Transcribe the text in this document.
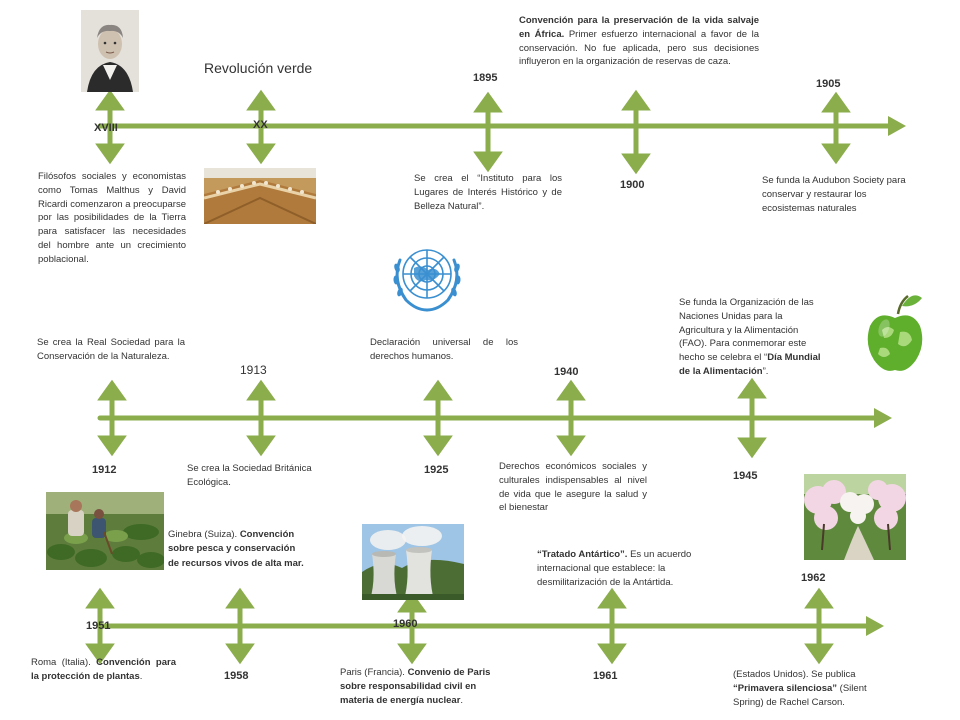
Revolución verde
XVIII	XX
1895
1900
1905
Filósofos sociales y economistas como Tomas Malthus y David Ricardi comenzaron a preocuparse por las posibilidades de la Tierra para satisfacer las necesidades del hombre ante un crecimiento poblacional.
Convención para la preservación de la vida salvaje en África. Primer esfuerzo internacional a favor de la conservación. No fue aplicada, pero sus decisiones influyeron en la organización de reservas de caza.
Se crea el “Instituto para los Lugares de Interés Histórico y de Belleza Natural”.
Se funda la Audubon Society para conservar y restaurar los ecosistemas naturales
Se crea la Real Sociedad para la Conservación de la Naturaleza.
1913
Declaración universal de los derechos humanos.
1940
Se funda la Organización de las Naciones Unidas para la Agricultura y la Alimentación (FAO). Para conmemorar este hecho se celebra el “Día Mundial de la Alimentación”.
1912	Se crea la Sociedad Británica Ecológica.
1925	Derechos económicos sociales y culturales indispensables al nivel de vida que le asegure la salud y el bienestar
1945
Ginebra (Suiza). Convención sobre pesca y conservación de recursos vivos de alta mar.
“Tratado Antártico”. Es un acuerdo internacional que establece: la desmilitarización de la Antártida.	1962
1951	1960
Roma (Italia). Convención para la protección de plantas.	1958	Paris (Francia). Convenio de Paris sobre responsabilidad civil en materia de energía nuclear.
1961	(Estados Unidos). Se publica “Primavera silenciosa” (Silent Spring) de Rachel Carson.
